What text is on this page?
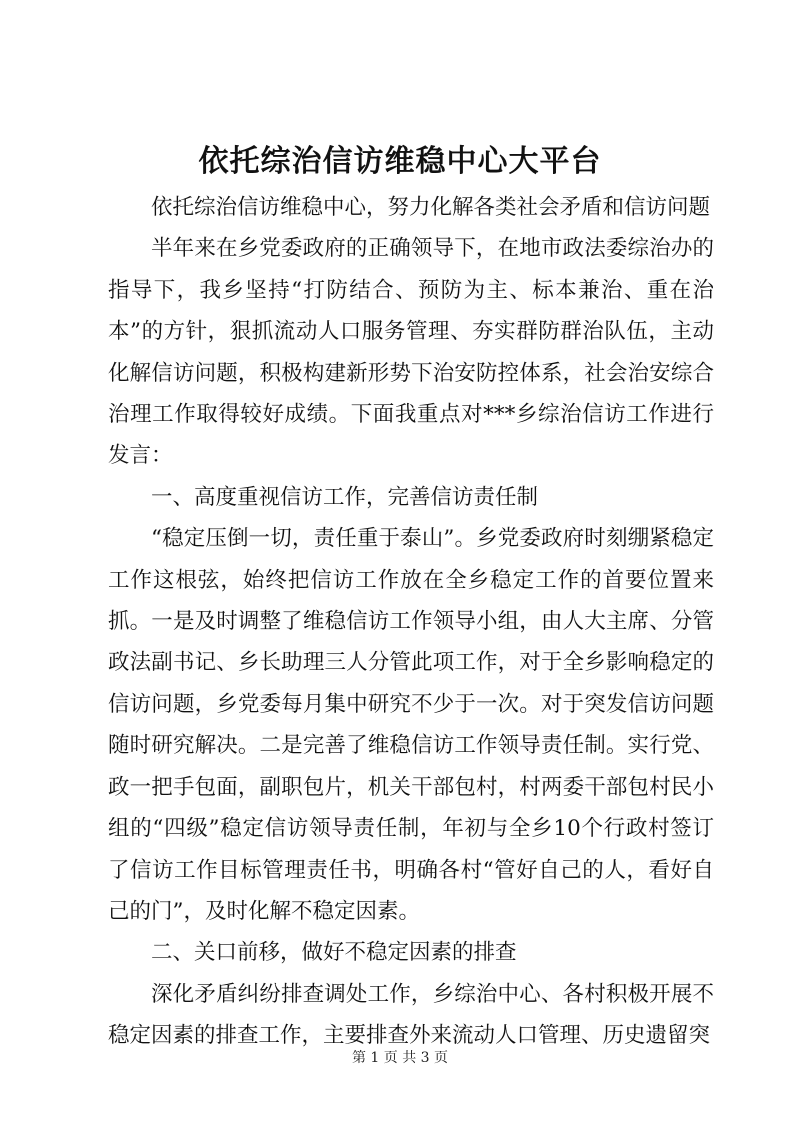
依托综治信访维稳中心大平台

依托综治信访维稳中心，努力化解各类社会矛盾和信访问题

半年来在乡党委政府的正确领导下，在地市政法委综治办的指导下，我乡坚持“打防结合、预防为主、标本兼治、重在治本”的方针，狠抓流动人口服务管理、夯实群防群治队伍，主动化解信访问题，积极构建新形势下治安防控体系，社会治安综合治理工作取得较好成绩。下面我重点对***乡综治信访工作进行发言：

一、高度重视信访工作，完善信访责任制

“稳定压倒一切，责任重于泰山”。乡党委政府时刻绷紧稳定工作这根弦，始终把信访工作放在全乡稳定工作的首要位置来抓。一是及时调整了维稳信访工作领导小组，由人大主席、分管政法副书记、乡长助理三人分管此项工作，对于全乡影响稳定的信访问题，乡党委每月集中研究不少于一次。对于突发信访问题随时研究解决。二是完善了维稳信访工作领导责任制。实行党、政一把手包面，副职包片，机关干部包村，村两委干部包村民小组的“四级”稳定信访领导责任制，年初与全乡10个行政村签订了信访工作目标管理责任书，明确各村“管好自己的人，看好自己的门”，及时化解不稳定因素。

二、关口前移，做好不稳定因素的排查

深化矛盾纠纷排查调处工作，乡综治中心、各村积极开展不稳定因素的排查工作，主要排查外来流动人口管理、历史遗留突

第 1 页 共 3 页
